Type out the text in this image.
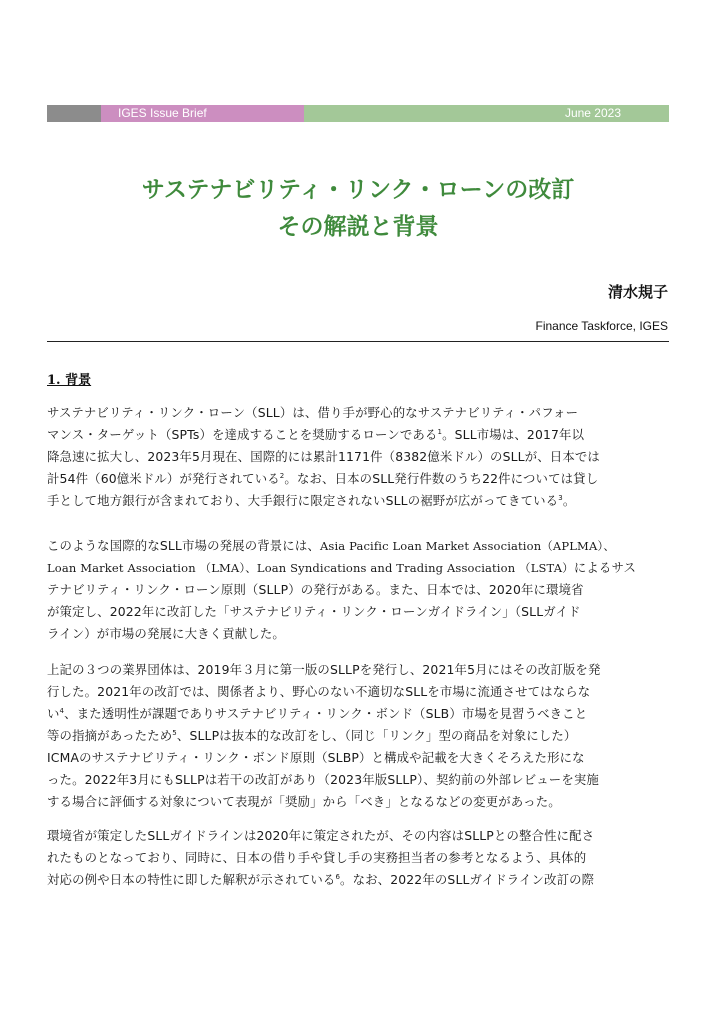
IGES Issue Brief	June 2023
サステナビリティ・リンク・ローンの改訂
その解説と背景
清水規子
Finance Taskforce, IGES
1. 背景
サステナビリティ・リンク・ローン（SLL）は、借り手が野心的なサステナビリティ・パフォー
マンス・ターゲット（SPTs）を達成することを奨励するローンである$^1$。SLL市場は、2017年以
降急速に拡大し、2023年5月現在、国際的には累計1171件（8382億米ドル）のSLLが、日本では
計54件（60億米ドル）が発行されている$^2$。なお、日本のSLL発行件数のうち22件については貸し
手として地方銀行が含まれており、大手銀行に限定されないSLLの裾野が広がってきている$^3$。
このような国際的なSLL市場の発展の背景には、Asia Pacific Loan Market Association（APLMA）、
Loan Market Association （LMA）、Loan Syndications and Trading Association （LSTA）によるサス
テナビリティ・リンク・ローン原則（SLLP）の発行がある。また、日本では、2020年に環境省
が策定し、2022年に改訂した「サステナビリティ・リンク・ローンガイドライン」（SLLガイド
ライン）が市場の発展に大きく貢献した。
上記の３つの業界団体は、2019年３月に第一版のSLLPを発行し、2021年5月にはその改訂版を発
行した。2021年の改訂では、関係者より、野心のない不適切なSLLを市場に流通させてはならな
い$^4$、また透明性が課題でありサステナビリティ・リンク・ボンド（SLB）市場を見習うべきこと
等の指摘があったため$^5$、SLLPは抜本的な改訂をし、（同じ「リンク」型の商品を対象にした）
ICMAのサステナビリティ・リンク・ボンド原則（SLBP）と構成や記載を大きくそろえた形にな
った。2022年3月にもSLLPは若干の改訂があり（2023年版SLLP）、契約前の外部レビューを実施
する場合に評価する対象について表現が「奨励」から「べき」となるなどの変更があった。
環境省が策定したSLLガイドラインは2020年に策定されたが、その内容はSLLPとの整合性に配さ
れたものとなっており、同時に、日本の借り手や貸し手の実務担当者の参考となるよう、具体的
対応の例や日本の特性に即した解釈が示されている$^6$。なお、2022年のSLLガイドライン改訂の際
